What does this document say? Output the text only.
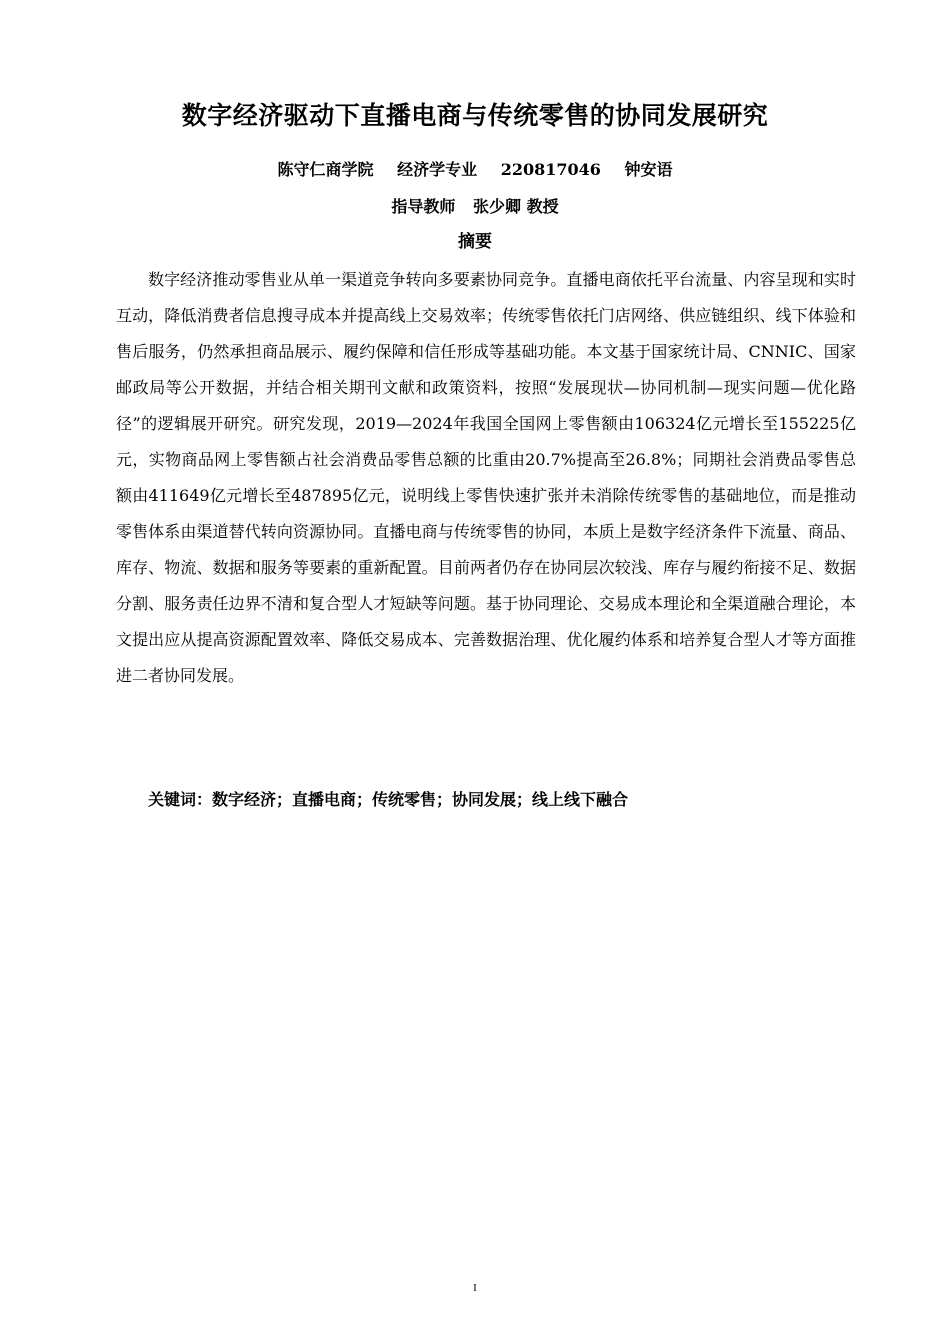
数字经济驱动下直播电商与传统零售的协同发展研究
陈守仁商学院 经济学专业 220817046 钟安语
指导教师 张少卿 教授
摘要

数字经济推动零售业从单一渠道竞争转向多要素协同竞争。直播电商依托平台流量、内容呈现和实时互动，降低消费者信息搜寻成本并提高线上交易效率；传统零售依托门店网络、供应链组织、线下体验和售后服务，仍然承担商品展示、履约保障和信任形成等基础功能。本文基于国家统计局、CNNIC、国家邮政局等公开数据，并结合相关期刊文献和政策资料，按照“发展现状—协同机制—现实问题—优化路径”的逻辑展开研究。研究发现，2019—2024年我国全国网上零售额由106324亿元增长至155225亿元，实物商品网上零售额占社会消费品零售总额的比重由20.7%提高至26.8%；同期社会消费品零售总额由411649亿元增长至487895亿元，说明线上零售快速扩张并未消除传统零售的基础地位，而是推动零售体系由渠道替代转向资源协同。直播电商与传统零售的协同，本质上是数字经济条件下流量、商品、库存、物流、数据和服务等要素的重新配置。目前两者仍存在协同层次较浅、库存与履约衔接不足、数据分割、服务责任边界不清和复合型人才短缺等问题。基于协同理论、交易成本理论和全渠道融合理论，本文提出应从提高资源配置效率、降低交易成本、完善数据治理、优化履约体系和培养复合型人才等方面推进二者协同发展。

关键词：数字经济；直播电商；传统零售；协同发展；线上线下融合
I
